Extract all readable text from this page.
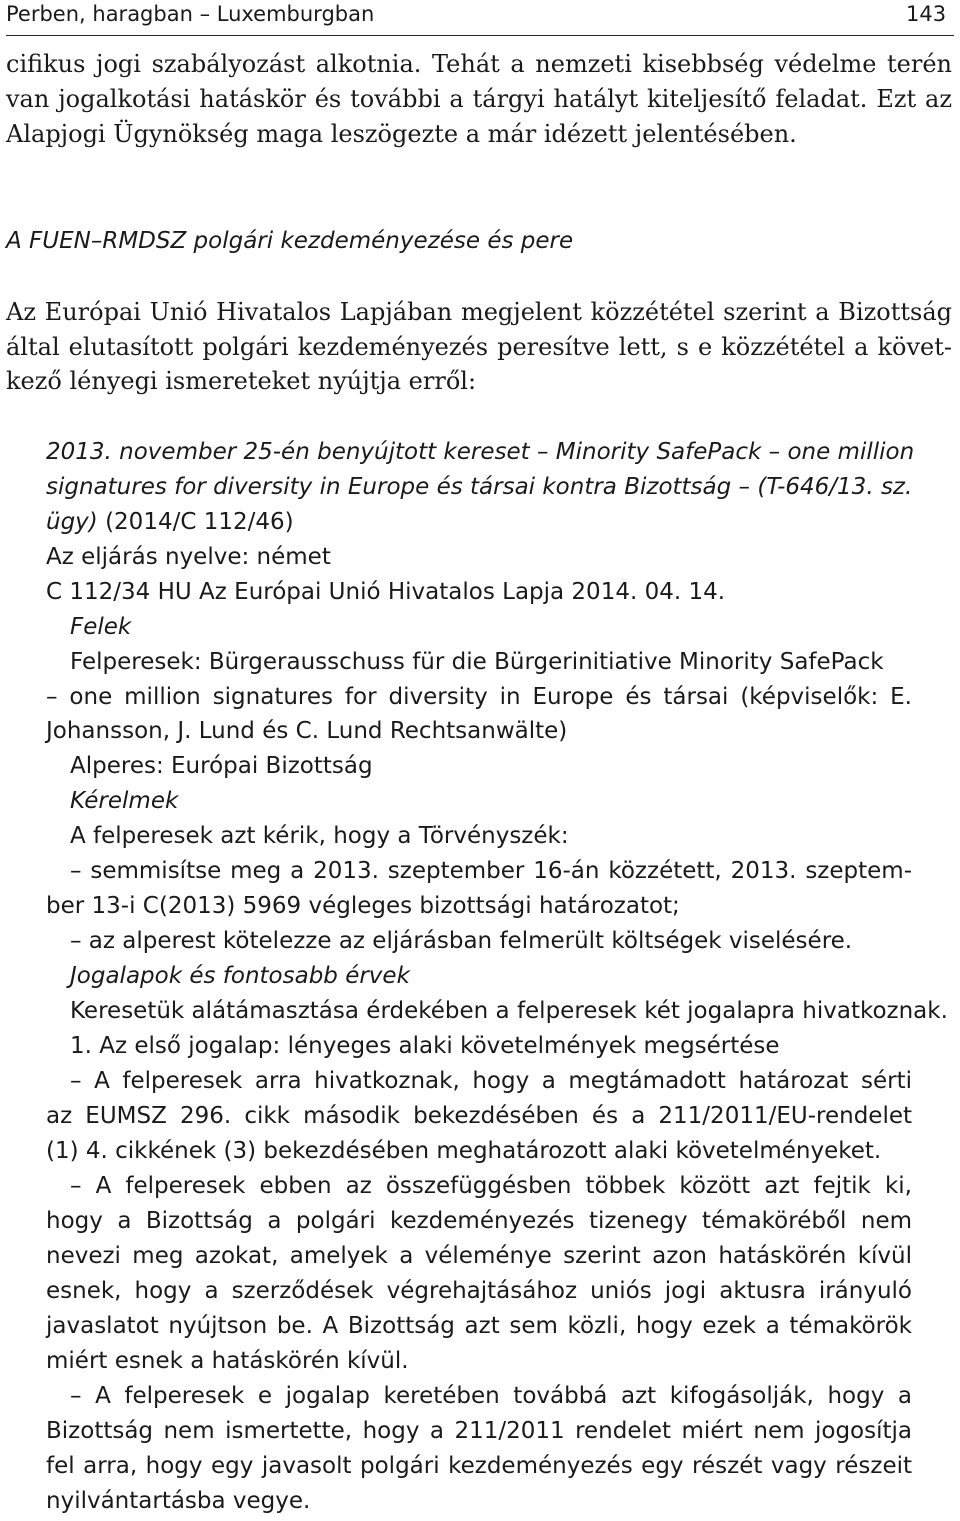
Perben, haragban – Luxemburgban	143
cifikus jogi szabályozást alkotnia. Tehát a nemzeti kisebbség védelme terén
van jogalkotási hatáskör és további a tárgyi hatályt kiteljesítő feladat. Ezt az
Alapjogi Ügynökség maga leszögezte a már idézett jelentésében.
A FUEN–RMDSZ polgári kezdeményezése és pere
Az Európai Unió Hivatalos Lapjában megjelent közzététel szerint a Bizottság
által elutasított polgári kezdeményezés peresítve lett, s e közzététel a követ-
kező lényegi ismereteket nyújtja erről:
2013. november 25-én benyújtott kereset – Minority SafePack – one million
signatures for diversity in Europe és társai kontra Bizottság – (T-646/13. sz.
ügy) (2014/C 112/46)
Az eljárás nyelve: német
C 112/34 HU Az Európai Unió Hivatalos Lapja 2014. 04. 14.
Felek
Felperesek: Bürgerausschuss für die Bürgerinitiative Minority SafePack
– one million signatures for diversity in Europe és társai (képviselők: E.
Johansson, J. Lund és C. Lund Rechtsanwälte)
Alperes: Európai Bizottság
Kérelmek
A felperesek azt kérik, hogy a Törvényszék:
– semmisítse meg a 2013. szeptember 16-án közzétett, 2013. szeptem-
ber 13-i C(2013) 5969 végleges bizottsági határozatot;
– az alperest kötelezze az eljárásban felmerült költségek viselésére.
Jogalapok és fontosabb érvek
Keresetük alátámasztása érdekében a felperesek két jogalapra hivatkoznak.
1. Az első jogalap: lényeges alaki követelmények megsértése
– A felperesek arra hivatkoznak, hogy a megtámadott határozat sérti
az EUMSZ 296. cikk második bekezdésében és a 211/2011/EU-rendelet
(1) 4. cikkének (3) bekezdésében meghatározott alaki követelményeket.
– A felperesek ebben az összefüggésben többek között azt fejtik ki,
hogy a Bizottság a polgári kezdeményezés tizenegy témaköréből nem
nevezi meg azokat, amelyek a véleménye szerint azon hatáskörén kívül
esnek, hogy a szerződések végrehajtásához uniós jogi aktusra irányuló
javaslatot nyújtson be. A Bizottság azt sem közli, hogy ezek a témakörök
miért esnek a hatáskörén kívül.
– A felperesek e jogalap keretében továbbá azt kifogásolják, hogy a
Bizottság nem ismertette, hogy a 211/2011 rendelet miért nem jogosítja
fel arra, hogy egy javasolt polgári kezdeményezés egy részét vagy részeit
nyilvántartásba vegye.
